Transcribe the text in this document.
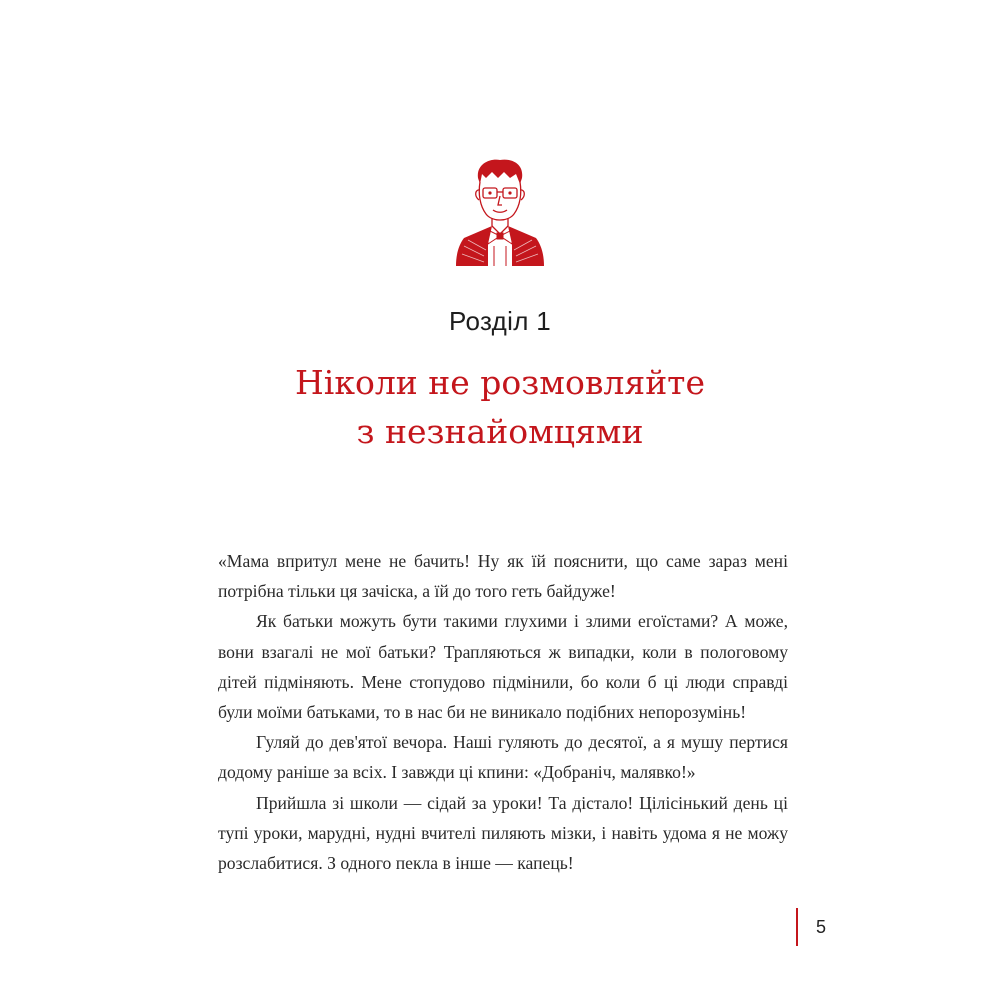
Розділ 1
Ніколи не розмовляйте
з незнайомцями

«Мама впритул мене не бачить! Ну як їй пояснити, що саме зараз мені потрібна тільки ця зачіска, а їй до того геть байдуже!

Як батьки можуть бути такими глухими і злими егоїстами? А може, вони взагалі не мої батьки? Трапляються ж випадки, коли в пологовому дітей підміняють. Мене стопудово підмінили, бо коли б ці люди справді були моїми батьками, то в нас би не виникало подібних непорозумінь!

Гуляй до дев'ятої вечора. Наші гуляють до десятої, а я мушу пертися додому раніше за всіх. І завжди ці кпини: «Добраніч, малявко!»

Прийшла зі школи — сідай за уроки! Та дістало! Цілісінький день ці тупі уроки, марудні, нудні вчителі пиляють мізки, і навіть удома я не можу розслабитися. З одного пекла в інше — капець!

5
